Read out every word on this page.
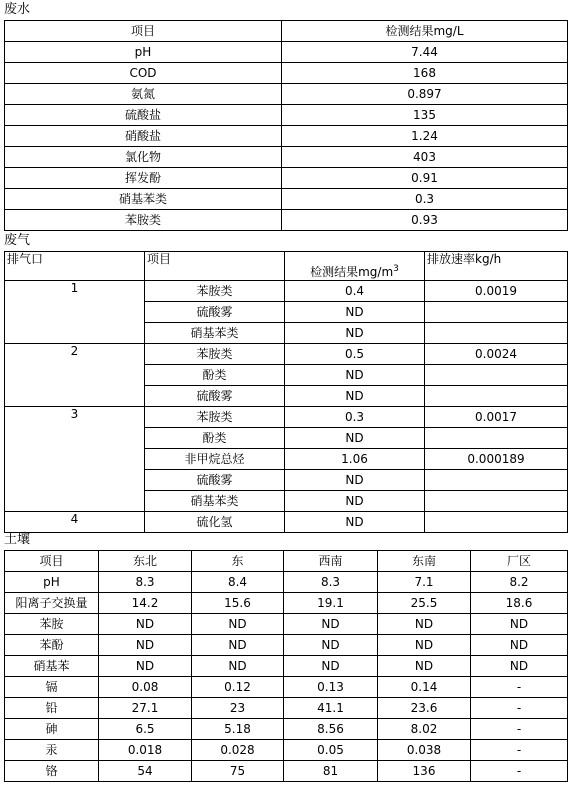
废水
项目	检测结果mg/L
pH	7.44
COD	168
氨氮	0.897
硫酸盐	135
硝酸盐	1.24
氯化物	403
挥发酚	0.91
硝基苯类	0.3
苯胺类	0.93
废气
排气口	项目	检测结果$mg/m^3$	排放速率kg/h
1	苯胺类	0.4	0.0019
	硫酸雾	ND	
	硝基苯类	ND	
2	苯胺类	0.5	0.0024
	酚类	ND	
	硫酸雾	ND	
3	苯胺类	0.3	0.0017
	酚类	ND	
	非甲烷总烃	1.06	0.000189
	硫酸雾	ND	
	硝基苯类	ND	
4	硫化氢	ND	
土壤
项目	东北	东	西南	东南	厂区
pH	8.3	8.4	8.3	7.1	8.2
阳离子交换量	14.2	15.6	19.1	25.5	18.6
苯胺	ND	ND	ND	ND	ND
苯酚	ND	ND	ND	ND	ND
硝基苯	ND	ND	ND	ND	ND
镉	0.08	0.12	0.13	0.14	-
铅	27.1	23	41.1	23.6	-
砷	6.5	5.18	8.56	8.02	-
汞	0.018	0.028	0.05	0.038	-
铬	54	75	81	136	-
